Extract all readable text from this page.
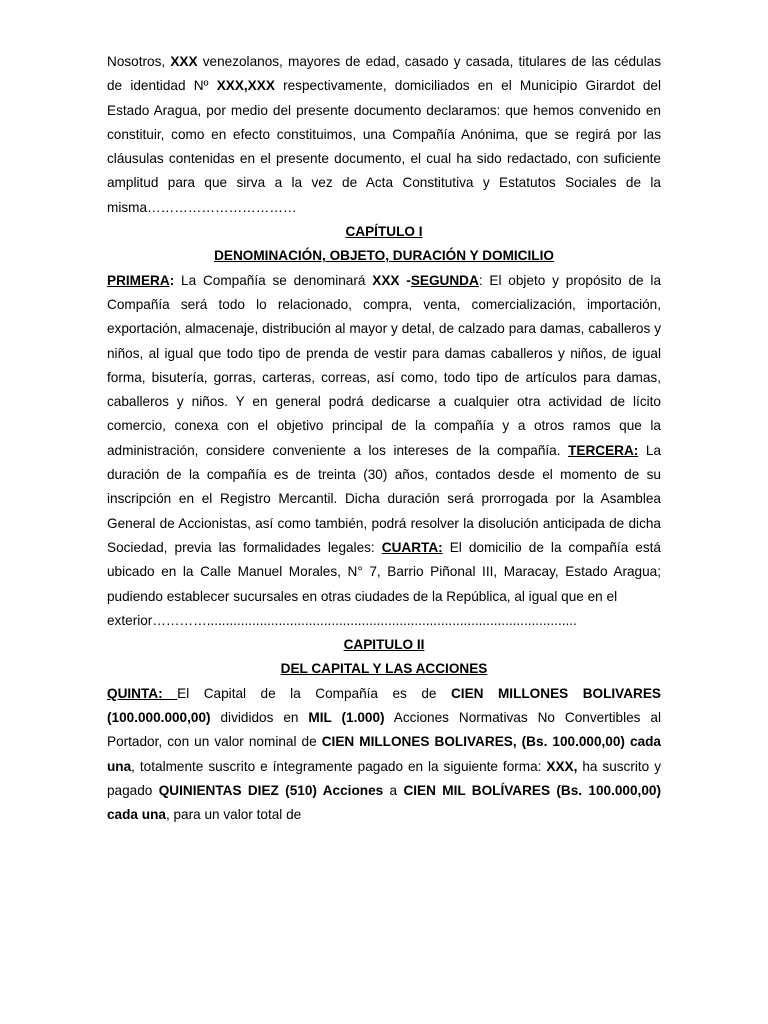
Nosotros, XXX venezolanos, mayores de edad, casado y casada, titulares de las cédulas de identidad Nº XXX,XXX respectivamente, domiciliados en el Municipio Girardot del Estado Aragua, por medio del presente documento declaramos: que hemos convenido en constituir, como en efecto constituimos, una Compañía Anónima, que se regirá por las cláusulas contenidas en el presente documento, el cual ha sido redactado, con suficiente amplitud para que sirva a la vez de Acta Constitutiva y Estatutos Sociales de la misma……………………………

CAPÍTULO I

DENOMINACIÓN, OBJETO, DURACIÓN Y DOMICILIO

PRIMERA: La Compañía se denominará XXX -SEGUNDA: El objeto y propósito de la Compañía será todo lo relacionado, compra, venta, comercialización, importación, exportación, almacenaje, distribución al mayor y detal, de calzado para damas, caballeros y niños, al igual que todo tipo de prenda de vestir para damas caballeros y niños, de igual forma, bisutería, gorras, carteras, correas, así como, todo tipo de artículos para damas, caballeros y niños. Y en general podrá dedicarse a cualquier otra actividad de lícito comercio, conexa con el objetivo principal de la compañía y a otros ramos que la administración, considere conveniente a los intereses de la compañía. TERCERA: La duración de la compañía es de treinta (30) años, contados desde el momento de su inscripción en el Registro Mercantil. Dicha duración será prorrogada por la Asamblea General de Accionistas, así como también, podrá resolver la disolución anticipada de dicha Sociedad, previa las formalidades legales: CUARTA: El domicilio de la compañía está ubicado en la Calle Manuel Morales, N° 7, Barrio Piñonal III, Maracay, Estado Aragua; pudiendo establecer sucursales en otras ciudades de la República, al igual que en el

exterior…………..................................................................................................

CAPITULO II

DEL CAPITAL Y LAS ACCIONES

QUINTA: El Capital de la Compañía es de CIEN MILLONES BOLIVARES (100.000.000,00) divididos en MIL (1.000) Acciones Normativas No Convertibles al Portador, con un valor nominal de CIEN MILLONES BOLIVARES, (Bs. 100.000,00) cada una, totalmente suscrito e íntegramente pagado en la siguiente forma: XXX, ha suscrito y pagado QUINIENTAS DIEZ (510) Acciones a CIEN MIL BOLÍVARES (Bs. 100.000,00) cada una, para un valor total de
